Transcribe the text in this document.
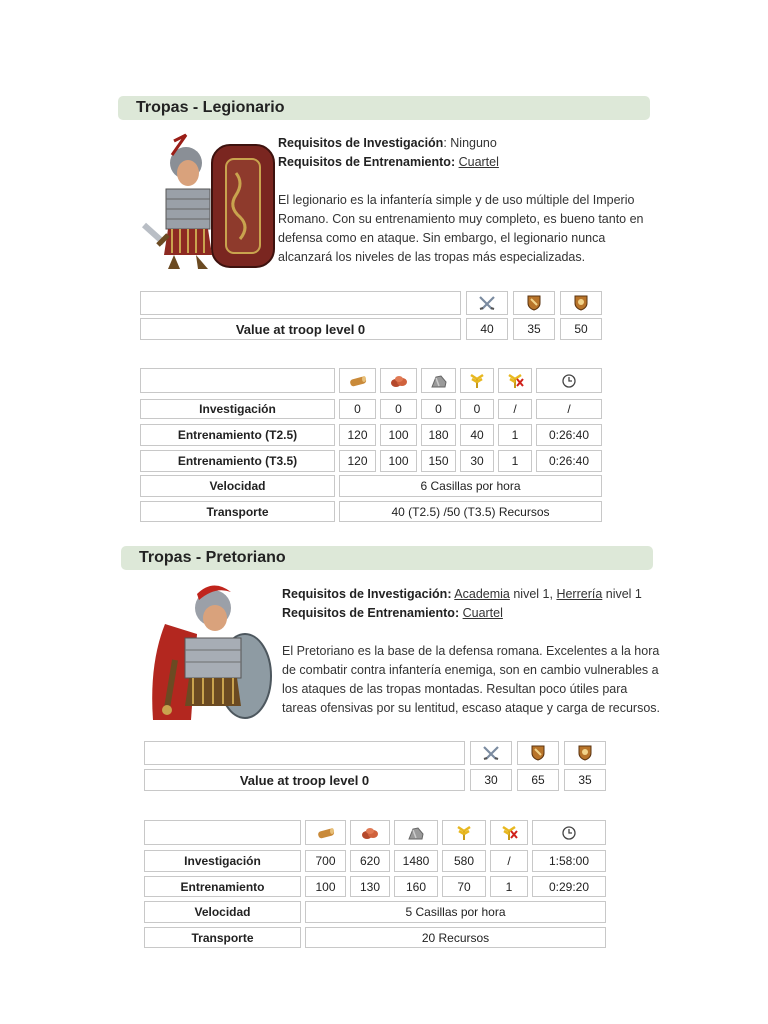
Tropas - Legionario

Requisitos de Investigación: Ninguno

Requisitos de Entrenamiento: Cuartel

El legionario es la infantería simple y de uso múltiple del Imperio Romano. Con su entrenamiento muy completo, es bueno tanto en defensa como en ataque. Sin embargo, el legionario nunca alcanzará los niveles de las tropas más especializadas.

Value at troop level 0	40	35	50
Investigación	0	0	0	0	/	/
Entrenamiento (T2.5)	120	100	180	40	1	0:26:40
Entrenamiento (T3.5)	120	100	150	30	1	0:26:40
Velocidad	6 Casillas por hora
Transporte	40 (T2.5) /50 (T3.5) Recursos
Tropas - Pretoriano

Requisitos de Investigación: Academia nivel 1, Herrería nivel 1

Requisitos de Entrenamiento: Cuartel

El Pretoriano es la base de la defensa romana. Excelentes a la hora de combatir contra infantería enemiga, son en cambio vulnerables a los ataques de las tropas montadas. Resultan poco útiles para tareas ofensivas por su lentitud, escaso ataque y carga de recursos.

Value at troop level 0	30	65	35
Investigación	700	620	1480	580	/	1:58:00
Entrenamiento	100	130	160	70	1	0:29:20
Velocidad	5 Casillas por hora
Transporte	20 Recursos
